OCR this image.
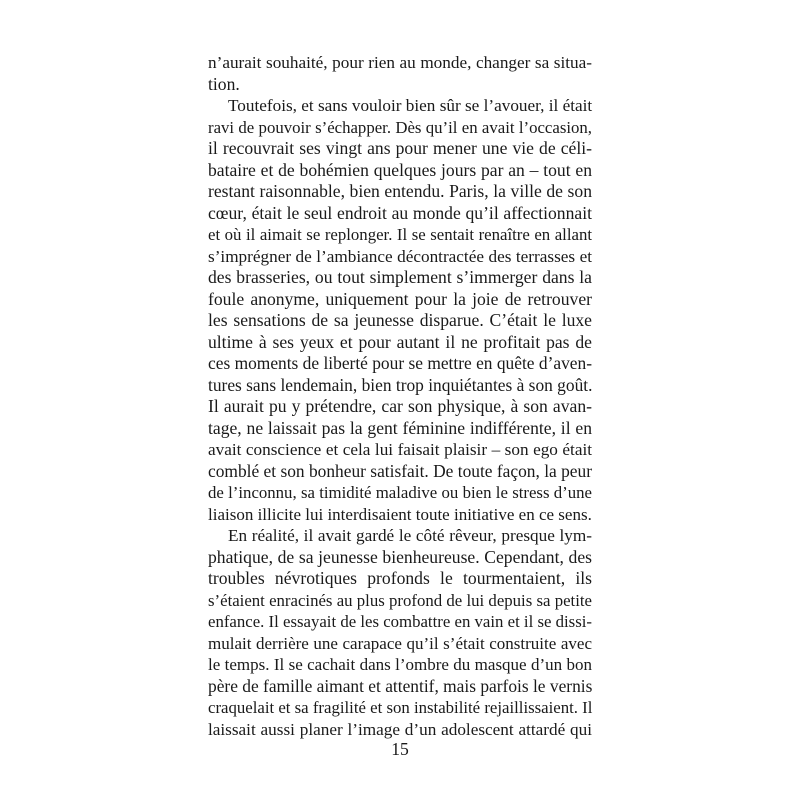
n’aurait souhaité, pour rien au monde, changer sa situa-
tion.
Toutefois, et sans vouloir bien sûr se l’avouer, il était
ravi de pouvoir s’échapper. Dès qu’il en avait l’occasion,
il recouvrait ses vingt ans pour mener une vie de céli-
bataire et de bohémien quelques jours par an – tout en
restant raisonnable, bien entendu. Paris, la ville de son
cœur, était le seul endroit au monde qu’il affectionnait
et où il aimait se replonger. Il se sentait renaître en allant
s’imprégner de l’ambiance décontractée des terrasses et
des brasseries, ou tout simplement s’immerger dans la
foule anonyme, uniquement pour la joie de retrouver
les sensations de sa jeunesse disparue. C’était le luxe
ultime à ses yeux et pour autant il ne profitait pas de
ces moments de liberté pour se mettre en quête d’aven-
tures sans lendemain, bien trop inquiétantes à son goût.
Il aurait pu y prétendre, car son physique, à son avan-
tage, ne laissait pas la gent féminine indifférente, il en
avait conscience et cela lui faisait plaisir – son ego était
comblé et son bonheur satisfait. De toute façon, la peur
de l’inconnu, sa timidité maladive ou bien le stress d’une
liaison illicite lui interdisaient toute initiative en ce sens.
En réalité, il avait gardé le côté rêveur, presque lym-
phatique, de sa jeunesse bienheureuse. Cependant, des
troubles névrotiques profonds le tourmentaient, ils
s’étaient enracinés au plus profond de lui depuis sa petite
enfance. Il essayait de les combattre en vain et il se dissi-
mulait derrière une carapace qu’il s’était construite avec
le temps. Il se cachait dans l’ombre du masque d’un bon
père de famille aimant et attentif, mais parfois le vernis
craquelait et sa fragilité et son instabilité rejaillissaient. Il
laissait aussi planer l’image d’un adolescent attardé qui
15
